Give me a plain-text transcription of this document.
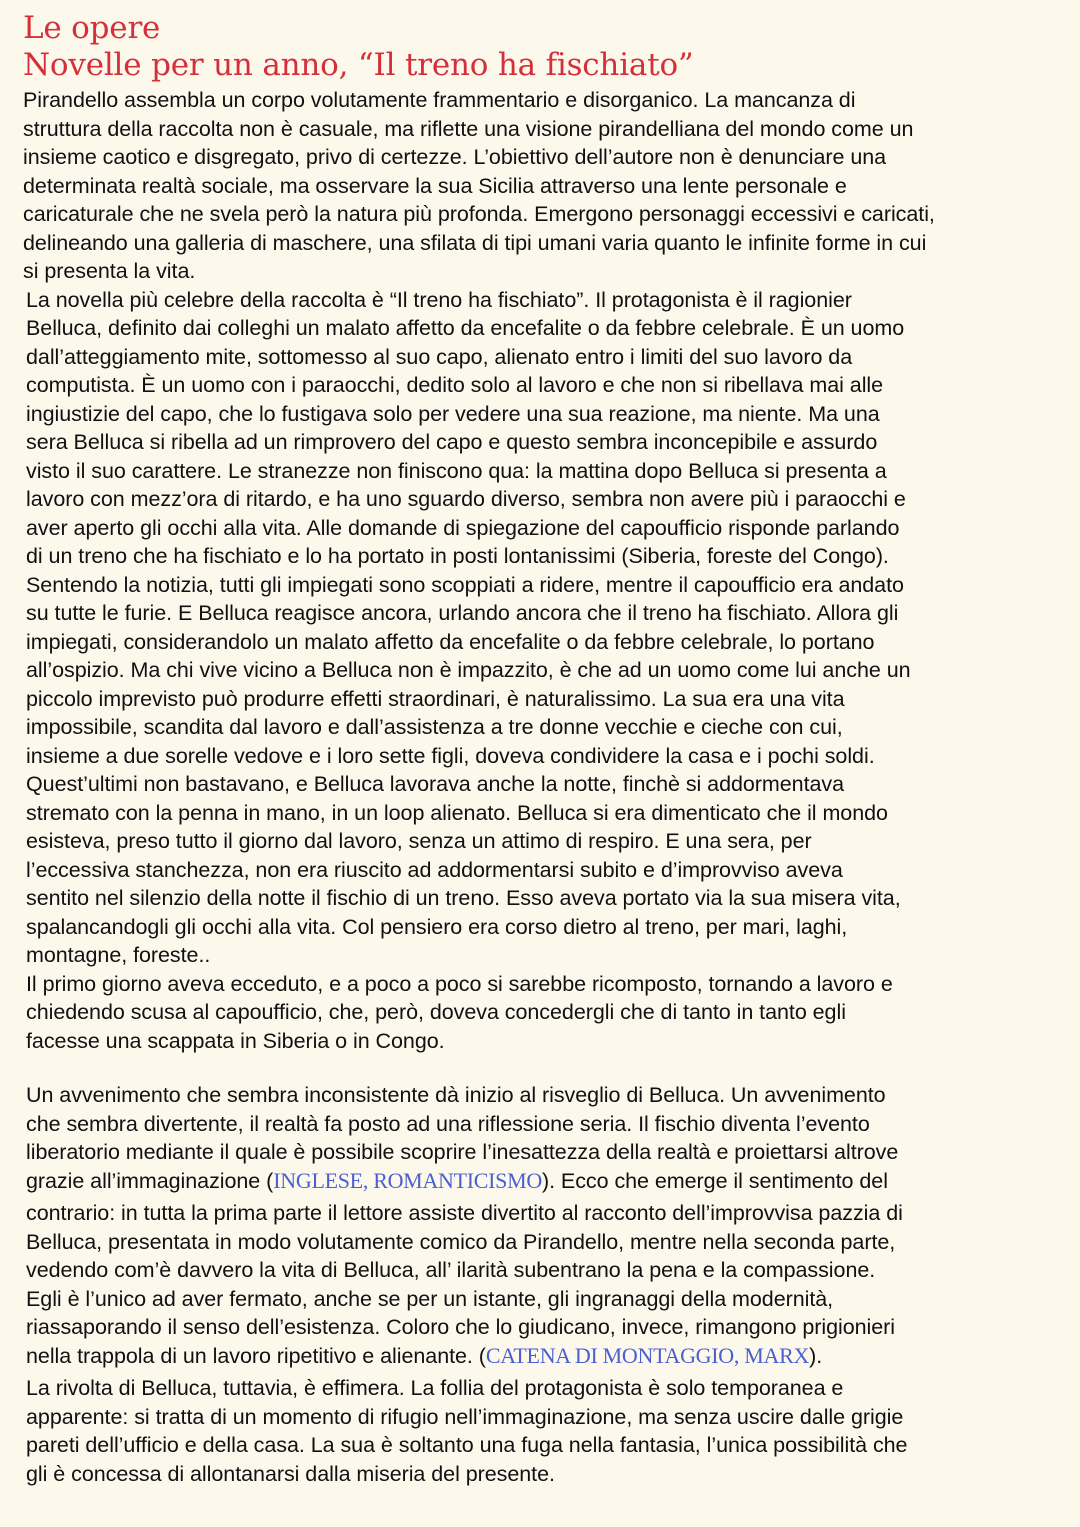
Le opere
Novelle per un anno, “Il treno ha fischiato”

Pirandello assembla un corpo volutamente frammentario e disorganico. La mancanza di
struttura della raccolta non è casuale, ma riflette una visione pirandelliana del mondo come un
insieme caotico e disgregato, privo di certezze. L’obiettivo dell’autore non è denunciare una
determinata realtà sociale, ma osservare la sua Sicilia attraverso una lente personale e
caricaturale che ne svela però la natura più profonda. Emergono personaggi eccessivi e caricati,
delineando una galleria di maschere, una sfilata di tipi umani varia quanto le infinite forme in cui
si presenta la vita.

La novella più celebre della raccolta è “Il treno ha fischiato”. Il protagonista è il ragionier
Belluca, definito dai colleghi un malato affetto da encefalite o da febbre celebrale. È un uomo
dall’atteggiamento mite, sottomesso al suo capo, alienato entro i limiti del suo lavoro da
computista. È un uomo con i paraocchi, dedito solo al lavoro e che non si ribellava mai alle
ingiustizie del capo, che lo fustigava solo per vedere una sua reazione, ma niente. Ma una
sera Belluca si ribella ad un rimprovero del capo e questo sembra inconcepibile e assurdo
visto il suo carattere. Le stranezze non finiscono qua: la mattina dopo Belluca si presenta a
lavoro con mezz’ora di ritardo, e ha uno sguardo diverso, sembra non avere più i paraocchi e
aver aperto gli occhi alla vita. Alle domande di spiegazione del capoufficio risponde parlando
di un treno che ha fischiato e lo ha portato in posti lontanissimi (Siberia, foreste del Congo).
Sentendo la notizia, tutti gli impiegati sono scoppiati a ridere, mentre il capoufficio era andato
su tutte le furie. E Belluca reagisce ancora, urlando ancora che il treno ha fischiato. Allora gli
impiegati, considerandolo un malato affetto da encefalite o da febbre celebrale, lo portano
all’ospizio. Ma chi vive vicino a Belluca non è impazzito, è che ad un uomo come lui anche un
piccolo imprevisto può produrre effetti straordinari, è naturalissimo. La sua era una vita
impossibile, scandita dal lavoro e dall’assistenza a tre donne vecchie e cieche con cui,
insieme a due sorelle vedove e i loro sette figli, doveva condividere la casa e i pochi soldi.
Quest’ultimi non bastavano, e Belluca lavorava anche la notte, finchè si addormentava
stremato con la penna in mano, in un loop alienato. Belluca si era dimenticato che il mondo
esisteva, preso tutto il giorno dal lavoro, senza un attimo di respiro. E una sera, per
l’eccessiva stanchezza, non era riuscito ad addormentarsi subito e d’improvviso aveva
sentito nel silenzio della notte il fischio di un treno. Esso aveva portato via la sua misera vita,
spalancandogli gli occhi alla vita. Col pensiero era corso dietro al treno, per mari, laghi,
montagne, foreste..
Il primo giorno aveva ecceduto, e a poco a poco si sarebbe ricomposto, tornando a lavoro e
chiedendo scusa al capoufficio, che, però, doveva concedergli che di tanto in tanto egli
facesse una scappata in Siberia o in Congo.

Un avvenimento che sembra inconsistente dà inizio al risveglio di Belluca. Un avvenimento
che sembra divertente, il realtà fa posto ad una riflessione seria. Il fischio diventa l’evento
liberatorio mediante il quale è possibile scoprire l’inesattezza della realtà e proiettarsi altrove
grazie all’immaginazione (INGLESE, ROMANTICISMO). Ecco che emerge il sentimento del

contrario: in tutta la prima parte il lettore assiste divertito al racconto dell’improvvisa pazzia di
Belluca, presentata in modo volutamente comico da Pirandello, mentre nella seconda parte,
vedendo com’è davvero la vita di Belluca, all’ ilarità subentrano la pena e la compassione.
Egli è l’unico ad aver fermato, anche se per un istante, gli ingranaggi della modernità,
riassaporando il senso dell’esistenza. Coloro che lo giudicano, invece, rimangono prigionieri
nella trappola di un lavoro ripetitivo e alienante. (CATENA DI MONTAGGIO, MARX).

La rivolta di Belluca, tuttavia, è effimera. La follia del protagonista è solo temporanea e
apparente: si tratta di un momento di rifugio nell’immaginazione, ma senza uscire dalle grigie
pareti dell’ufficio e della casa. La sua è soltanto una fuga nella fantasia, l’unica possibilità che
gli è concessa di allontanarsi dalla miseria del presente.
